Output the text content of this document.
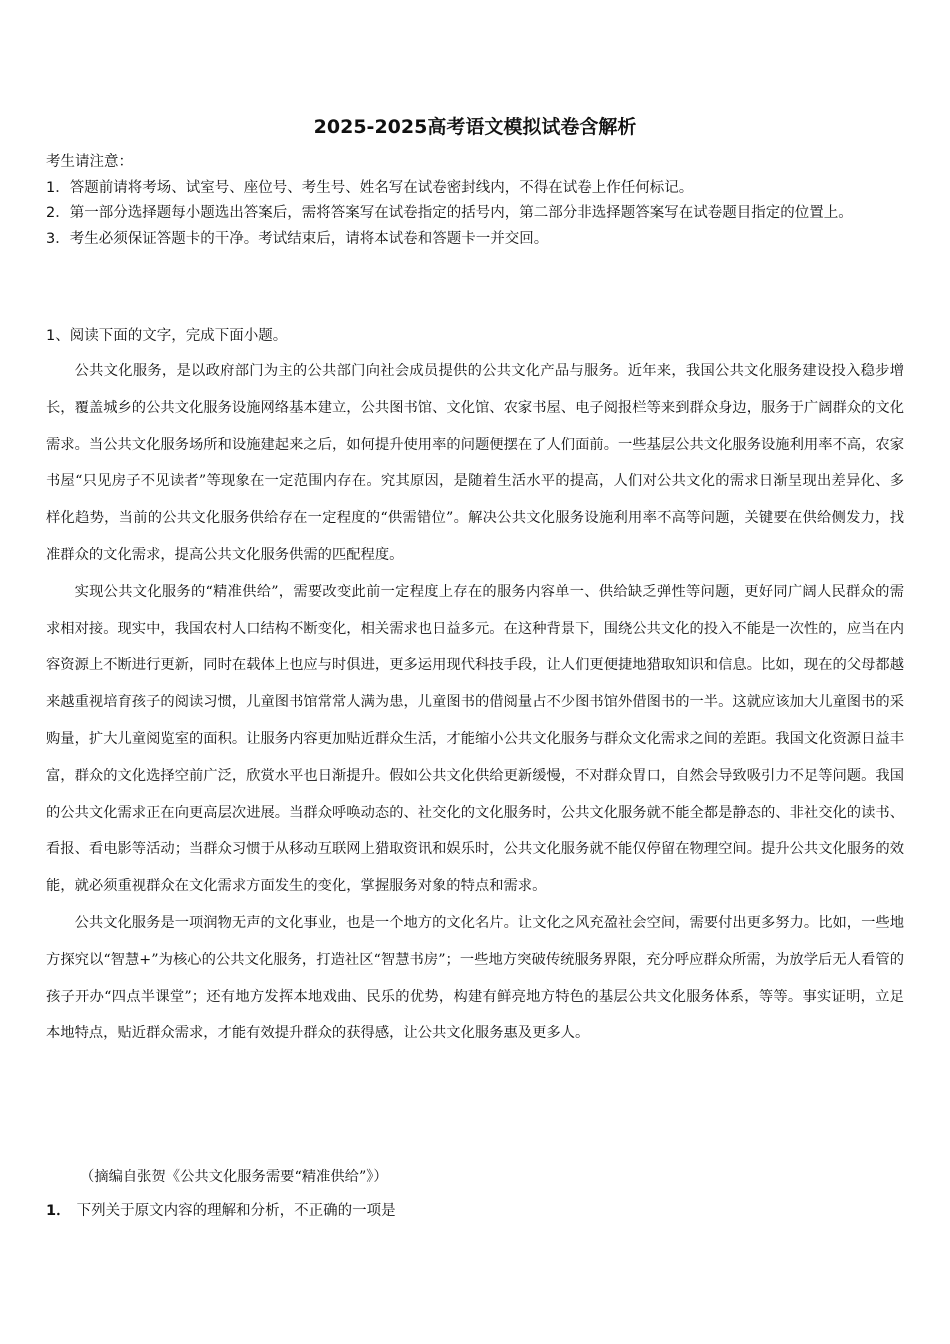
2025-2025高考语文模拟试卷含解析

考生请注意：

1．答题前请将考场、试室号、座位号、考生号、姓名写在试卷密封线内，不得在试卷上作任何标记。

2．第一部分选择题每小题选出答案后，需将答案写在试卷指定的括号内，第二部分非选择题答案写在试卷题目指定的位置上。

3．考生必须保证答题卡的干净。考试结束后，请将本试卷和答题卡一并交回。

1、阅读下面的文字，完成下面小题。

公共文化服务，是以政府部门为主的公共部门向社会成员提供的公共文化产品与服务。近年来，我国公共文化服务建设投入稳步增长，覆盖城乡的公共文化服务设施网络基本建立，公共图书馆、文化馆、农家书屋、电子阅报栏等来到群众身边，服务于广阔群众的文化需求。当公共文化服务场所和设施建起来之后，如何提升使用率的问题便摆在了人们面前。一些基层公共文化服务设施利用率不高，农家书屋“只见房子不见读者”等现象在一定范围内存在。究其原因，是随着生活水平的提高，人们对公共文化的需求日渐呈现出差异化、多样化趋势，当前的公共文化服务供给存在一定程度的“供需错位”。解决公共文化服务设施利用率不高等问题，关键要在供给侧发力，找准群众的文化需求，提高公共文化服务供需的匹配程度。

实现公共文化服务的“精准供给”，需要改变此前一定程度上存在的服务内容单一、供给缺乏弹性等问题，更好同广阔人民群众的需求相对接。现实中，我国农村人口结构不断变化，相关需求也日益多元。在这种背景下，围绕公共文化的投入不能是一次性的，应当在内容资源上不断进行更新，同时在载体上也应与时俱进，更多运用现代科技手段，让人们更便捷地猎取知识和信息。比如，现在的父母都越来越重视培育孩子的阅读习惯，儿童图书馆常常人满为患，儿童图书的借阅量占不少图书馆外借图书的一半。这就应该加大儿童图书的采购量，扩大儿童阅览室的面积。让服务内容更加贴近群众生活，才能缩小公共文化服务与群众文化需求之间的差距。我国文化资源日益丰富，群众的文化选择空前广泛，欣赏水平也日渐提升。假如公共文化供给更新缓慢，不对群众胃口，自然会导致吸引力不足等问题。我国的公共文化需求正在向更高层次进展。当群众呼唤动态的、社交化的文化服务时，公共文化服务就不能全都是静态的、非社交化的读书、看报、看电影等活动；当群众习惯于从移动互联网上猎取资讯和娱乐时，公共文化服务就不能仅停留在物理空间。提升公共文化服务的效能，就必须重视群众在文化需求方面发生的变化，掌握服务对象的特点和需求。

公共文化服务是一项润物无声的文化事业，也是一个地方的文化名片。让文化之风充盈社会空间，需要付出更多努力。比如，一些地方探究以“智慧+”为核心的公共文化服务，打造社区“智慧书房”；一些地方突破传统服务界限，充分呼应群众所需，为放学后无人看管的孩子开办“四点半课堂”；还有地方发挥本地戏曲、民乐的优势，构建有鲜亮地方特色的基层公共文化服务体系，等等。事实证明，立足本地特点，贴近群众需求，才能有效提升群众的获得感，让公共文化服务惠及更多人。

（摘编自张贺《公共文化服务需要“精准供给”》）
1． 下列关于原文内容的理解和分析，不正确的一项是
